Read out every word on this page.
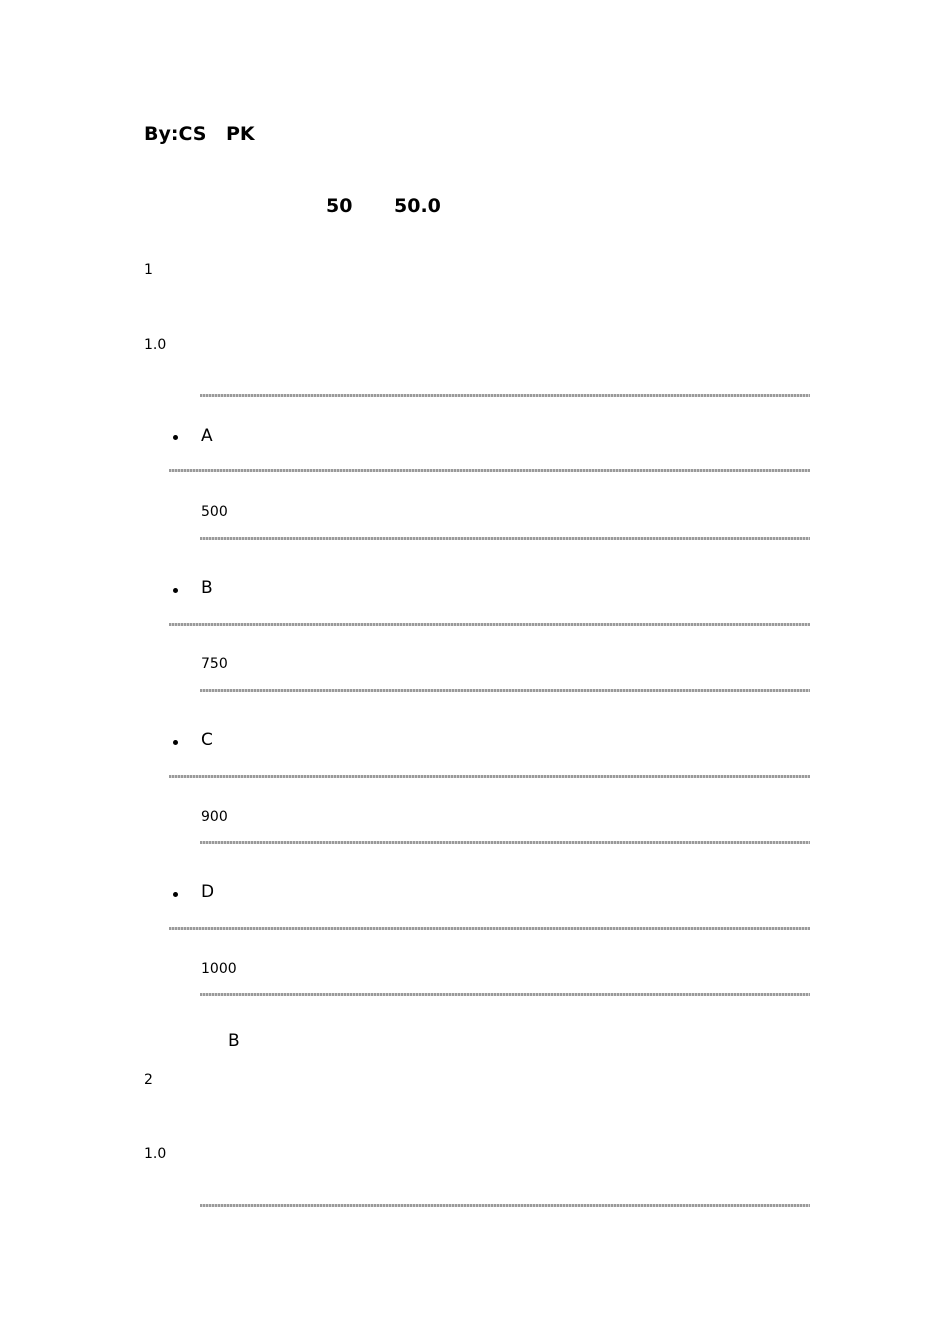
By:CS PK
50 50.0
1
1.0
A
500
B
750
C
900
D
1000
B
2
1.0
